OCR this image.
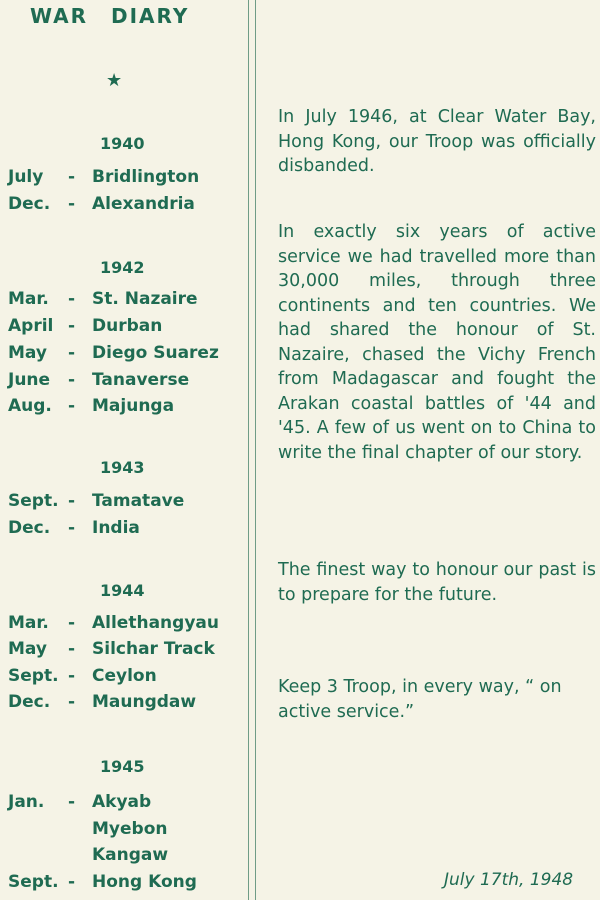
WAR DIARY
★
1940
July - Bridlington
Dec. - Alexandria
1942
Mar. - St. Nazaire
April - Durban
May - Diego Suarez
June - Tanaverse
Aug. - Majunga
1943
Sept. - Tamatave
Dec. - India
1944
Mar. - Allethangyau
May - Silchar Track
Sept. - Ceylon
Dec. - Maungdaw
1945
Jan. - Akyab
Myebon
Kangaw
Sept. - Hong Kong

In July 1946, at Clear Water Bay, Hong Kong, our Troop was officially disbanded.

In exactly six years of active service we had travelled more than 30,000 miles, through three continents and ten countries. We had shared the honour of St. Nazaire, chased the Vichy French from Madagascar and fought the Arakan coastal battles of '44 and '45. A few of us went on to China to write the final chapter of our story.

The finest way to honour our past is to prepare for the future.

Keep 3 Troop, in every way, “ on active service.”

July 17th, 1948
